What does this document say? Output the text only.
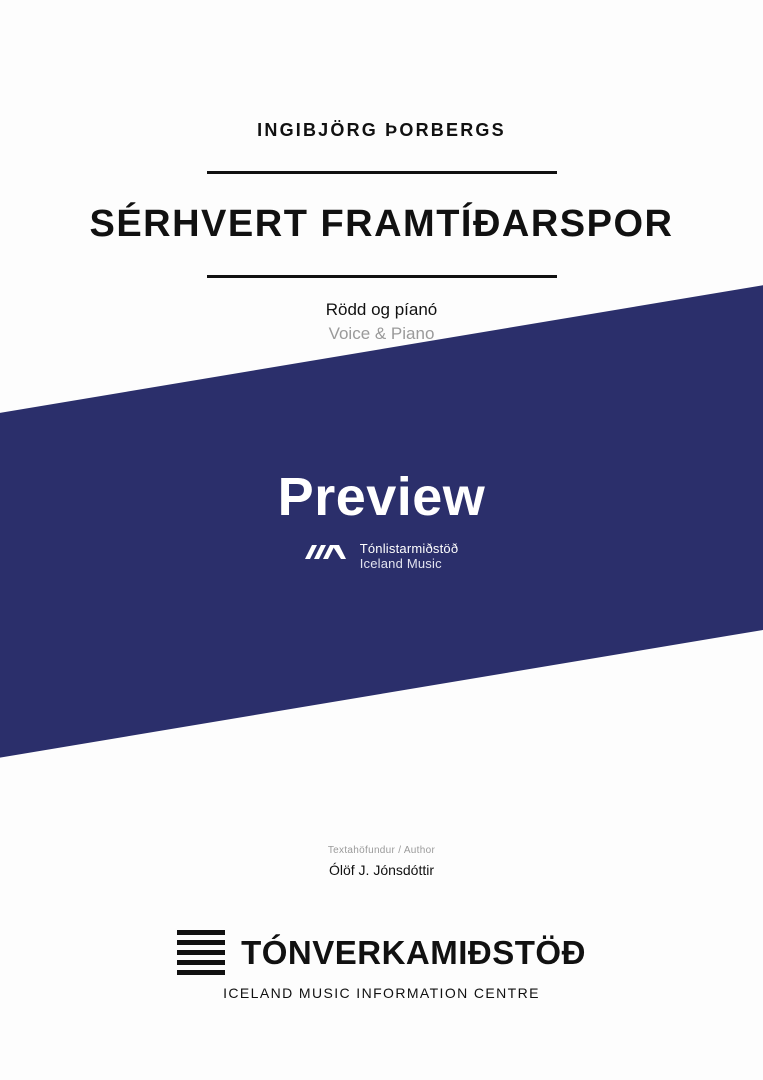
INGIBJÖRG ÞORBERGS
SÉRHVERT FRAMTÍÐARSPOR
Rödd og píanó
Voice & Piano
Preview
Tónlistarmiðstöð
Iceland Music
Textahöfundur / Author
Ólöf J. Jónsdóttir
TÓNVERKAMIÐSTÖÐ
ICELAND MUSIC INFORMATION CENTRE
